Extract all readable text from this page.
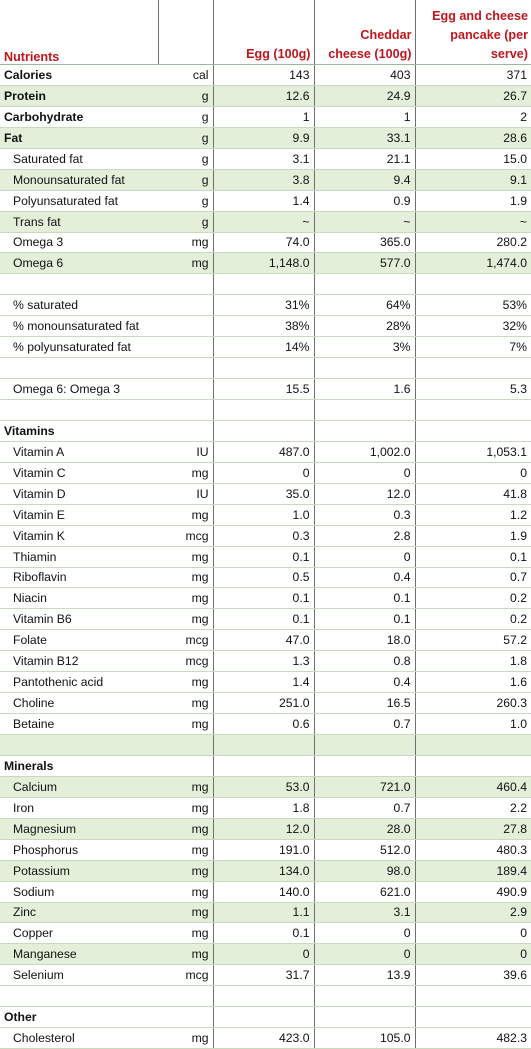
Nutrients		Egg (100g)	Cheddar cheese (100g)	Egg and cheese pancake (per serve)
Calories	cal	143	403	371
Protein	g	12.6	24.9	26.7
Carbohydrate	g	1	1	2
Fat	g	9.9	33.1	28.6
Saturated fat	g	3.1	21.1	15.0
Monounsaturated fat	g	3.8	9.4	9.1
Polyunsaturated fat	g	1.4	0.9	1.9
Trans fat	g	~	~	~
Omega 3	mg	74.0	365.0	280.2
Omega 6	mg	1,148.0	577.0	1,474.0

% saturated		31%	64%	53%
% monounsaturated fat		38%	28%	32%
% polyunsaturated fat		14%	3%	7%

Omega 6: Omega 3		15.5	1.6	5.3

Vitamins				
Vitamin A	IU	487.0	1,002.0	1,053.1
Vitamin C	mg	0	0	0
Vitamin D	IU	35.0	12.0	41.8
Vitamin E	mg	1.0	0.3	1.2
Vitamin K	mcg	0.3	2.8	1.9
Thiamin	mg	0.1	0	0.1
Riboflavin	mg	0.5	0.4	0.7
Niacin	mg	0.1	0.1	0.2
Vitamin B6	mg	0.1	0.1	0.2
Folate	mcg	47.0	18.0	57.2
Vitamin B12	mcg	1.3	0.8	1.8
Pantothenic acid	mg	1.4	0.4	1.6
Choline	mg	251.0	16.5	260.3
Betaine	mg	0.6	0.7	1.0

Minerals				
Calcium	mg	53.0	721.0	460.4
Iron	mg	1.8	0.7	2.2
Magnesium	mg	12.0	28.0	27.8
Phosphorus	mg	191.0	512.0	480.3
Potassium	mg	134.0	98.0	189.4
Sodium	mg	140.0	621.0	490.9
Zinc	mg	1.1	3.1	2.9
Copper	mg	0.1	0	0
Manganese	mg	0	0	0
Selenium	mcg	31.7	13.9	39.6

Other				
Cholesterol	mg	423.0	105.0	482.3
